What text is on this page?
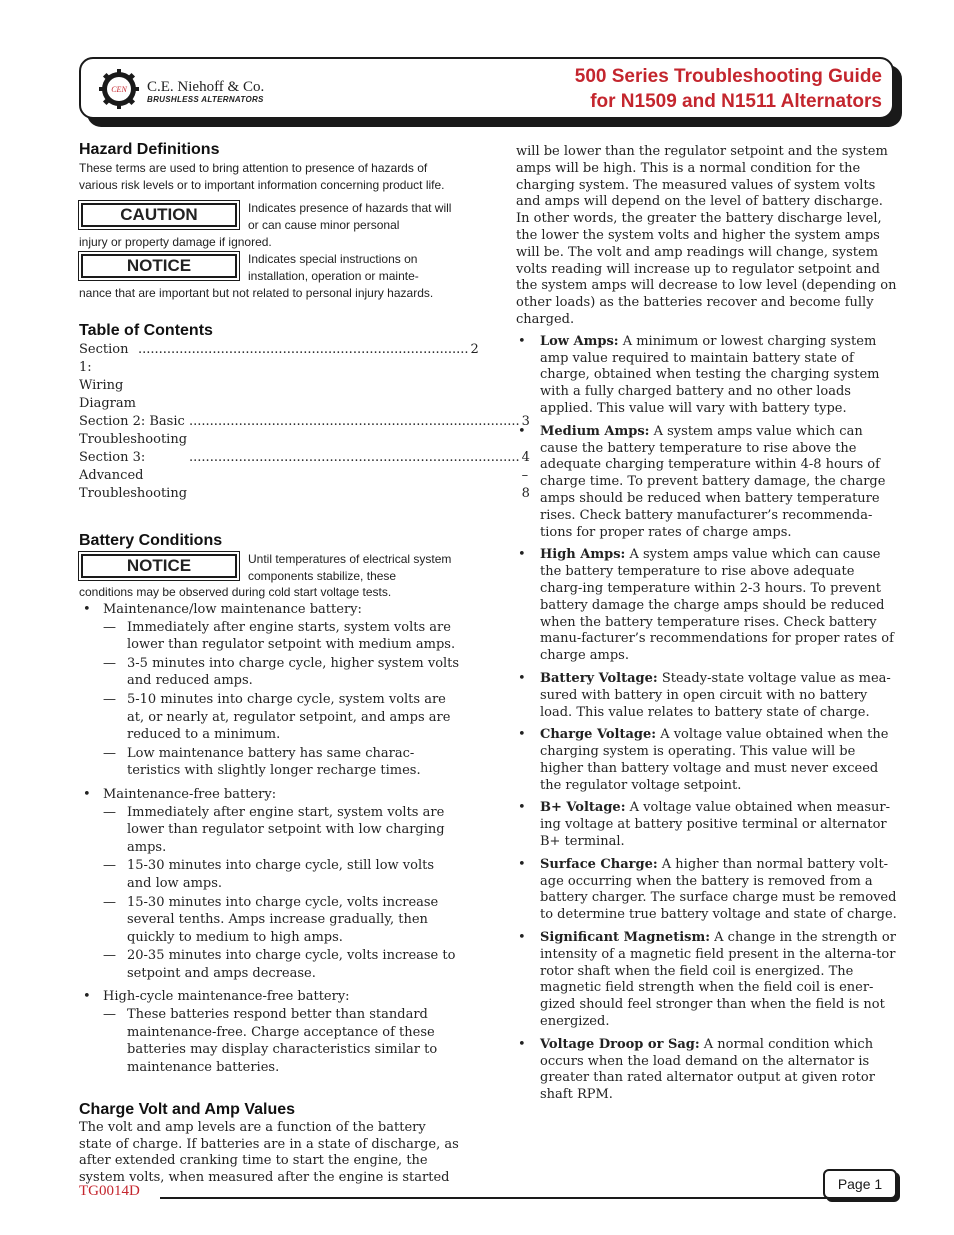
CEN C.E. Niehoff & Co.
BRUSHLESS ALTERNATORS
500 Series Troubleshooting Guide
for N1509 and N1511 Alternators
Hazard Definitions
These terms are used to bring attention to presence of hazards of various risk levels or to important information concerning product life.
CAUTION	Indicates presence of hazards that will or can cause minor personal
injury or property damage if ignored.
NOTICE	Indicates special instructions on installation, operation or mainte-
nance that are important but not related to personal injury hazards.
Table of Contents
Section 1: Wiring Diagram
................................................................................ 2
Section 2: Basic Troubleshooting
................................................................................ 3
Section 3: Advanced Troubleshooting
................................................................................ 4 – 8
Battery Conditions
NOTICE	Until temperatures of electrical system components stabilize, these
conditions may be observed during cold start voltage tests.
• Maintenance/low maintenance battery:
— Immediately after engine starts, system volts are lower than regulator setpoint with medium amps.
— 3-5 minutes into charge cycle, higher system volts and reduced amps.
— 5-10 minutes into charge cycle, system volts are at, or nearly at, regulator setpoint, and amps are reduced to a minimum.
— Low maintenance battery has same charac-teristics with slightly longer recharge times.
• Maintenance-free battery:
— Immediately after engine start, system volts are lower than regulator setpoint with low charging amps.
— 15-30 minutes into charge cycle, still low volts and low amps.
— 15-30 minutes into charge cycle, volts increase several tenths. Amps increase gradually, then quickly to medium to high amps.
— 20-35 minutes into charge cycle, volts increase to setpoint and amps decrease.
• High-cycle maintenance-free battery:
— These batteries respond better than standard maintenance-free. Charge acceptance of these batteries may display characteristics similar to maintenance batteries.
Charge Volt and Amp Values
The volt and amp levels are a function of the battery state of charge. If batteries are in a state of discharge, as after extended cranking time to start the engine, the system volts, when measured after the engine is started
will be lower than the regulator setpoint and the system amps will be high. This is a normal condition for the charging system. The measured values of system volts and amps will depend on the level of battery discharge. In other words, the greater the battery discharge level, the lower the system volts and higher the system amps will be. The volt and amp readings will change, system volts reading will increase up to regulator setpoint and the system amps will decrease to low level (depending on other loads) as the batteries recover and become fully charged.
• Low Amps: A minimum or lowest charging system amp value required to maintain battery state of charge, obtained when testing the charging system with a fully charged battery and no other loads applied. This value will vary with battery type.
• Medium Amps: A system amps value which can cause the battery temperature to rise above the adequate charging temperature within 4-8 hours of charge time. To prevent battery damage, the charge amps should be reduced when battery temperature rises. Check battery manufacturer’s recommenda-tions for proper rates of charge amps.
• High Amps: A system amps value which can cause the battery temperature to rise above adequate charg-ing temperature within 2-3 hours. To prevent battery damage the charge amps should be reduced when the battery temperature rises. Check battery manu-facturer’s recommendations for proper rates of charge amps.
• Battery Voltage: Steady-state voltage value as mea-sured with battery in open circuit with no battery load. This value relates to battery state of charge.
• Charge Voltage: A voltage value obtained when the charging system is operating. This value will be higher than battery voltage and must never exceed the regulator voltage setpoint.
• B+ Voltage: A voltage value obtained when measur-ing voltage at battery positive terminal or alternator B+ terminal.
• Surface Charge: A higher than normal battery volt-age occurring when the battery is removed from a battery charger. The surface charge must be removed to determine true battery voltage and state of charge.
• Significant Magnetism: A change in the strength or intensity of a magnetic field present in the alterna-tor rotor shaft when the field coil is energized. The magnetic field strength when the field coil is ener-gized should feel stronger than when the field is not energized.
• Voltage Droop or Sag: A normal condition which occurs when the load demand on the alternator is greater than rated alternator output at given rotor shaft RPM.
TG0014D	Page 1
